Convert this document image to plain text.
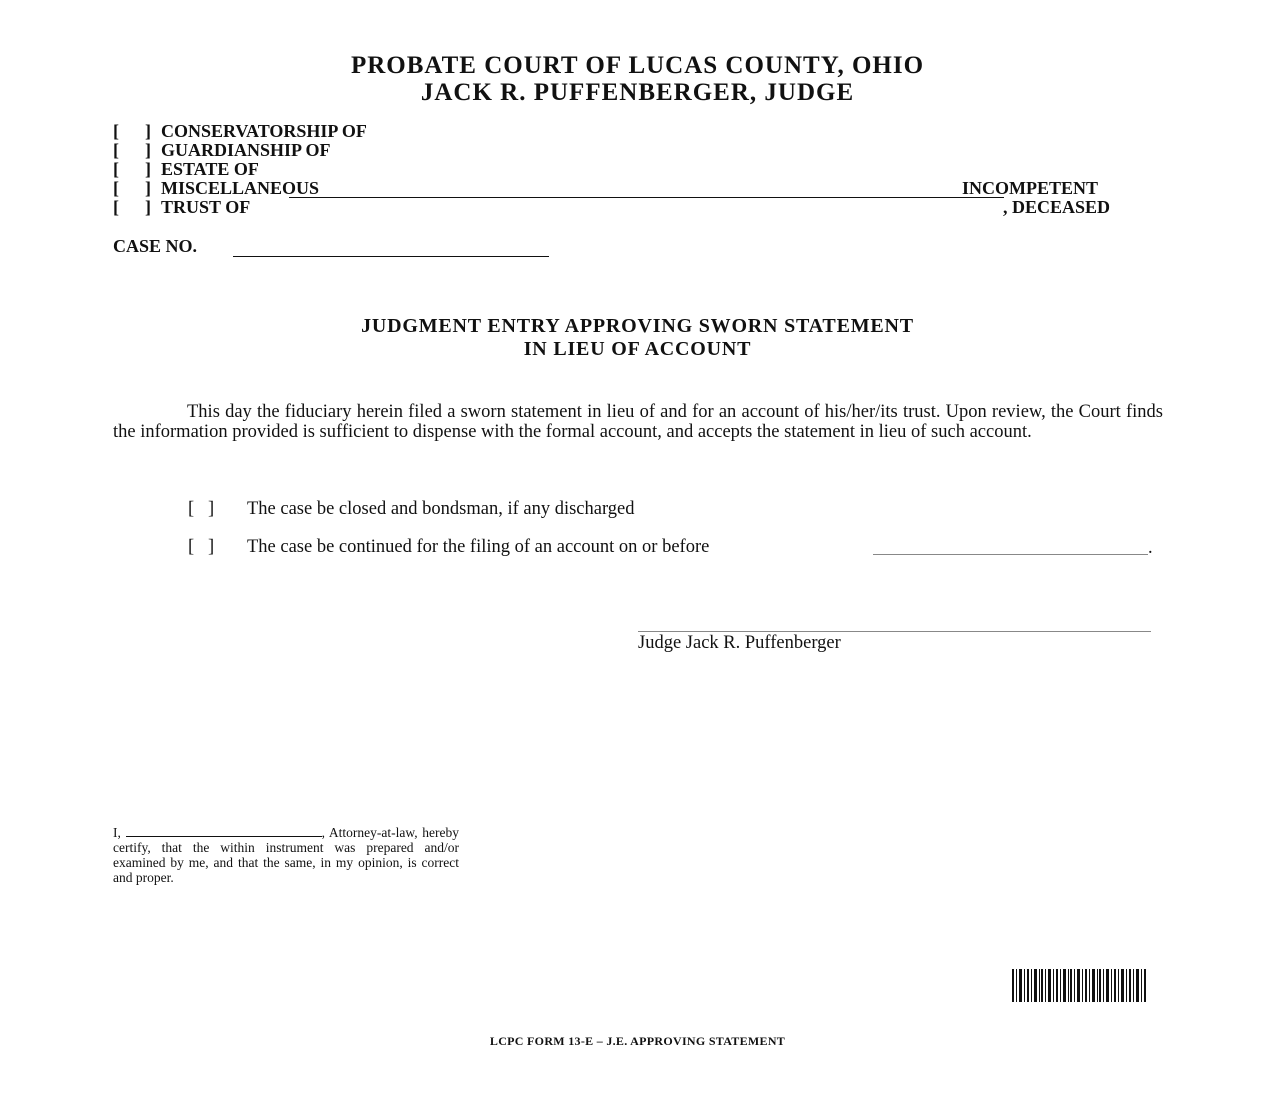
PROBATE COURT OF LUCAS COUNTY, OHIO
JACK R. PUFFENBERGER, JUDGE
[ ] CONSERVATORSHIP OF
[ ] GUARDIANSHIP OF
[ ] ESTATE OF
[ ] MISCELLANEOUS
[ ] TRUST OF
INCOMPETENT
, DECEASED
CASE NO.
JUDGMENT ENTRY APPROVING SWORN STATEMENT
IN LIEU OF ACCOUNT
This day the fiduciary herein filed a sworn statement in lieu of and for an account of his/her/its trust. Upon review, the Court finds the information provided is sufficient to dispense with the formal account, and accepts the statement in lieu of such account.
[   ] The case be closed and bondsman, if any discharged
[   ] The case be continued for the filing of an account on or before	.
Judge Jack R. Puffenberger
I,	, Attorney-at-law, hereby certify, that the within instrument was prepared and/or examined by me, and that the same, in my opinion, is correct and proper.
LCPC FORM 13-E – J.E. APPROVING STATEMENT
